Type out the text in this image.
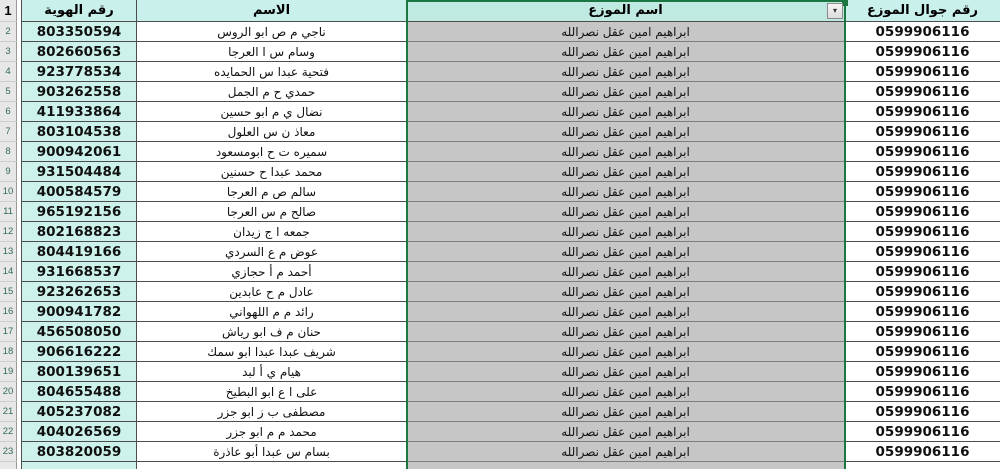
1	رقم الهوية	الاسم	اسم الموزع	رقم جوال الموزع
2	803350594	ناجي م ص ابو الروس	ابراهيم امين عقل نصرالله	0599906116
3	802660563	وسام س ا العرجا	ابراهيم امين عقل نصرالله	0599906116
4	923778534	فتحية عبدا س الحمايده	ابراهيم امين عقل نصرالله	0599906116
5	903262558	حمدي ح م الجمل	ابراهيم امين عقل نصرالله	0599906116
6	411933864	نضال ي م ابو حسين	ابراهيم امين عقل نصرالله	0599906116
7	803104538	معاذ ن س العلول	ابراهيم امين عقل نصرالله	0599906116
8	900942061	سميره ت ح ابومسعود	ابراهيم امين عقل نصرالله	0599906116
9	931504484	محمد عبدا ح حسنين	ابراهيم امين عقل نصرالله	0599906116
10	400584579	سالم ص م العرجا	ابراهيم امين عقل نصرالله	0599906116
11	965192156	صالح م س العرجا	ابراهيم امين عقل نصرالله	0599906116
12	802168823	جمعه ا ج زيدان	ابراهيم امين عقل نصرالله	0599906116
13	804419166	عوض م ع السردي	ابراهيم امين عقل نصرالله	0599906116
14	931668537	أحمد م أ حجازي	ابراهيم امين عقل نصرالله	0599906116
15	923262653	عادل م ح عابدين	ابراهيم امين عقل نصرالله	0599906116
16	900941782	رائد م م اللهواني	ابراهيم امين عقل نصرالله	0599906116
17	456508050	حنان م ف ابو رياش	ابراهيم امين عقل نصرالله	0599906116
18	906616222	شريف عبدا عبدا ابو سمك	ابراهيم امين عقل نصرالله	0599906116
19	800139651	هيام ي أ لبد	ابراهيم امين عقل نصرالله	0599906116
20	804655488	على ا ع ابو البطيخ	ابراهيم امين عقل نصرالله	0599906116
21	405237082	مصطفى ب ز ابو جزر	ابراهيم امين عقل نصرالله	0599906116
22	404026569	محمد م م ابو جزر	ابراهيم امين عقل نصرالله	0599906116
23	803820059	بسام س عبدا أبو عاذرة	ابراهيم امين عقل نصرالله	0599906116
▾
